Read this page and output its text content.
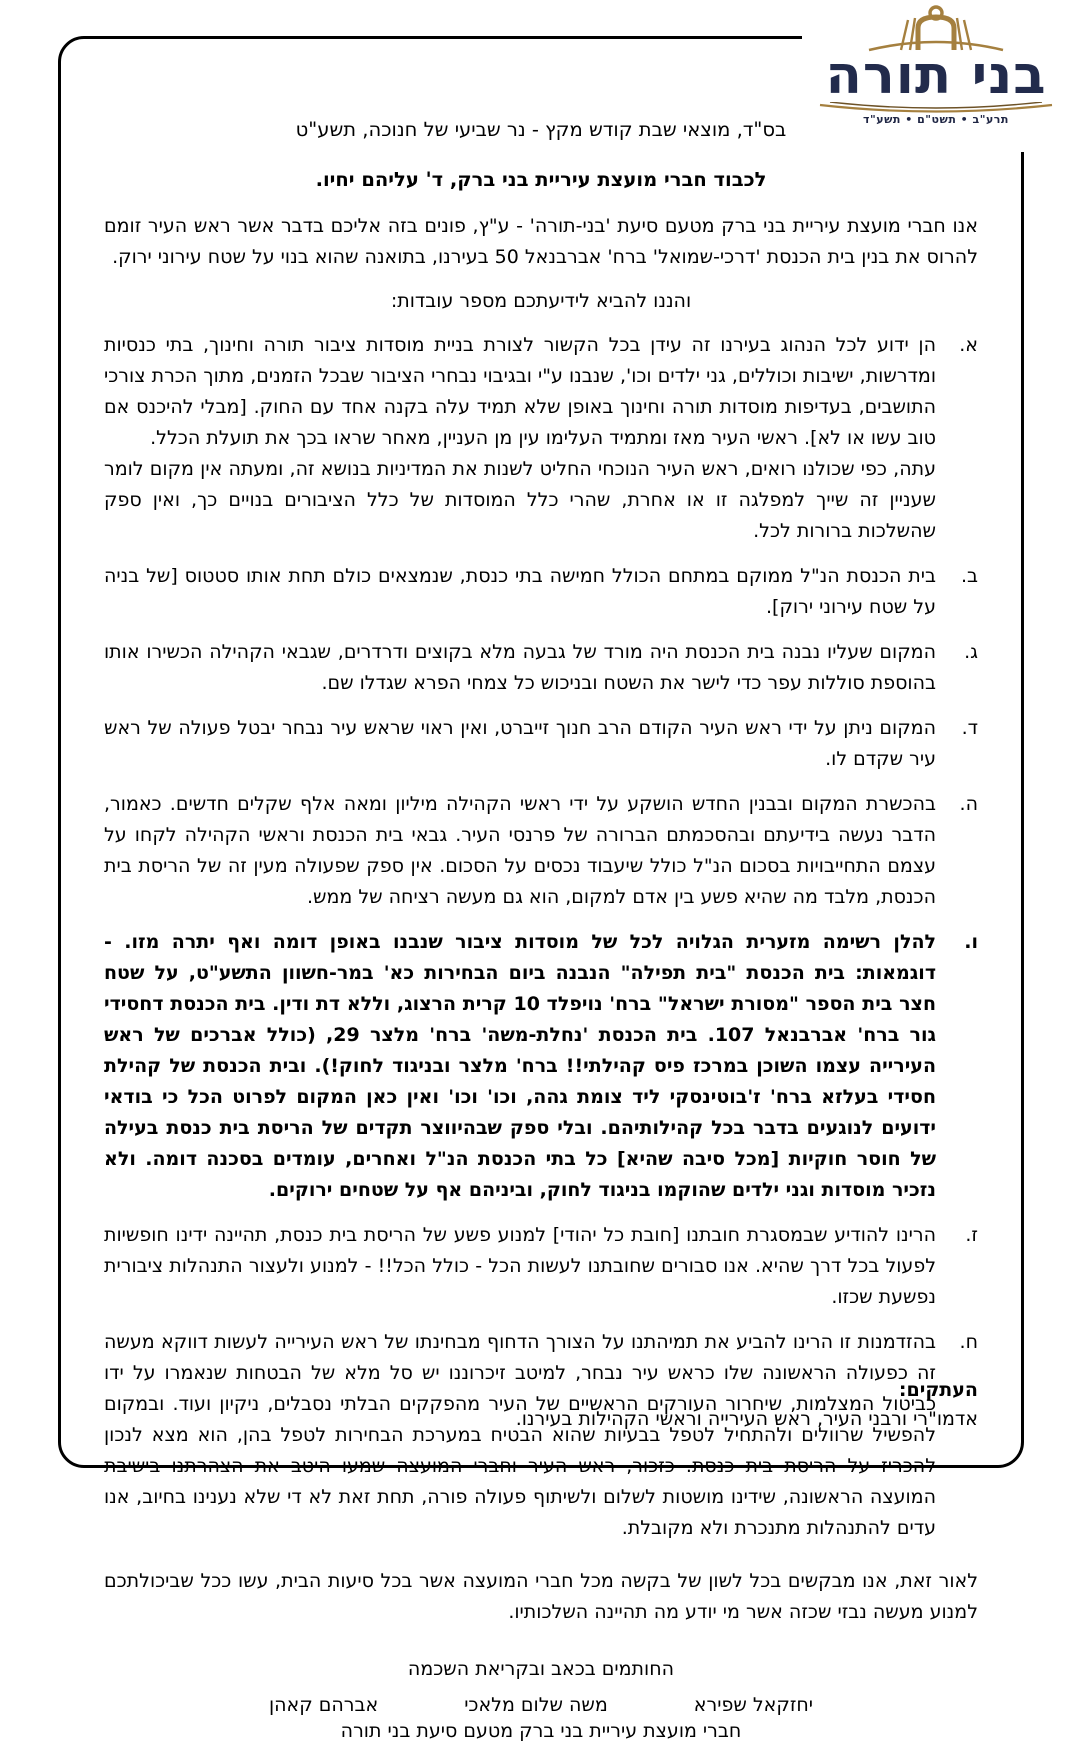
בס"ד, מוצאי שבת קודש מקץ - נר שביעי של חנוכה, תשע"ט
לכבוד חברי מועצת עיריית בני ברק, ד' עליהם יחיו.

אנו חברי מועצת עיריית בני ברק מטעם סיעת 'בני-תורה' - ע"ץ, פונים בזה אליכם בדבר אשר ראש העיר זומם להרוס את בנין בית הכנסת 'דרכי-שמואל' ברח' אברבנאל 50 בעירנו, בתואנה שהוא בנוי על שטח עירוני ירוק.

והננו להביא לידיעתכם מספר עובדות:

א.
הן ידוע לכל הנהוג בעירנו זה עידן בכל הקשור לצורת בניית מוסדות ציבור תורה וחינוך, בתי כנסיות ומדרשות, ישיבות וכוללים, גני ילדים וכו', שנבנו ע"י ובגיבוי נבחרי הציבור שבכל הזמנים, מתוך הכרת צורכי התושבים, בעדיפות מוסדות תורה וחינוך באופן שלא תמיד עלה בקנה אחד עם החוק. [מבלי להיכנס אם טוב עשו או לא]. ראשי העיר מאז ומתמיד העלימו עין מן העניין, מאחר שראו בכך את תועלת הכלל.
עתה, כפי שכולנו רואים, ראש העיר הנוכחי החליט לשנות את המדיניות בנושא זה, ומעתה אין מקום לומר שעניין זה שייך למפלגה זו או אחרת, שהרי כלל המוסדות של כלל הציבורים בנויים כך, ואין ספק שהשלכות ברורות לכל.
ב.
בית הכנסת הנ"ל ממוקם במתחם הכולל חמישה בתי כנסת, שנמצאים כולם תחת אותו סטטוס [של בניה על שטח עירוני ירוק].
ג.
המקום שעליו נבנה בית הכנסת היה מורד של גבעה מלא בקוצים ודרדרים, שגבאי הקהילה הכשירו אותו בהוספת סוללות עפר כדי לישר את השטח ובניכוש כל צמחי הפרא שגדלו שם.
ד.
המקום ניתן על ידי ראש העיר הקודם הרב חנוך זייברט, ואין ראוי שראש עיר נבחר יבטל פעולה של ראש עיר שקדם לו.
ה.
בהכשרת המקום ובבנין החדש הושקע על ידי ראשי הקהילה מיליון ומאה אלף שקלים חדשים. כאמור, הדבר נעשה בידיעתם ובהסכמתם הברורה של פרנסי העיר. גבאי בית הכנסת וראשי הקהילה לקחו על עצמם התחייבויות בסכום הנ"ל כולל שיעבוד נכסים על הסכום. אין ספק שפעולה מעין זה של הריסת בית הכנסת, מלבד מה שהיא פשע בין אדם למקום, הוא גם מעשה רציחה של ממש.
ו.
להלן רשימה מזערית הגלויה לכל של מוסדות ציבור שנבנו באופן דומה ואף יתרה מזו. - דוגמאות: בית הכנסת "בית תפילה" הנבנה ביום הבחירות כא' במר-חשוון התשע"ט, על שטח חצר בית הספר "מסורת ישראל" ברח' נויפלד 10 קרית הרצוג, וללא דת ודין. בית הכנסת דחסידי גור ברח' אברבנאל 107. בית הכנסת 'נחלת-משה' ברח' מלצר 29, (כולל אברכים של ראש העירייה עצמו השוכן במרכז פיס קהילתי!! ברח' מלצר ובניגוד לחוק!). ובית הכנסת של קהילת חסידי בעלזא ברח' ז'בוטינסקי ליד צומת גהה, וכו' וכו' ואין כאן המקום לפרוט הכל כי בודאי ידועים לנוגעים בדבר בכל קהילותיהם. ובלי ספק שבהיווצר תקדים של הריסת בית כנסת בעילה של חוסר חוקיות [מכל סיבה שהיא] כל בתי הכנסת הנ"ל ואחרים, עומדים בסכנה דומה. ולא נזכיר מוסדות וגני ילדים שהוקמו בניגוד לחוק, וביניהם אף על שטחים ירוקים.
ז.
הרינו להודיע שבמסגרת חובתנו [חובת כל יהודי] למנוע פשע של הריסת בית כנסת, תהיינה ידינו חופשיות לפעול בכל דרך שהיא. אנו סבורים שחובתנו לעשות הכל - כולל הכל!! - למנוע ולעצור התנהלות ציבורית נפשעת שכזו.
ח.
בהזדמנות זו הרינו להביע את תמיהתנו על הצורך הדחוף מבחינתו של ראש העירייה לעשות דווקא מעשה זה כפעולה הראשונה שלו כראש עיר נבחר, למיטב זיכרוננו יש סל מלא של הבטחות שנאמרו על ידו כביטול המצלמות, שיחרור העורקים הראשיים של העיר מהפקקים הבלתי נסבלים, ניקיון ועוד. ובמקום להפשיל שרוולים ולהתחיל לטפל בבעיות שהוא הבטיח במערכת הבחירות לטפל בהן, הוא מצא לנכון להכריז על הריסת בית כנסת. כזכור, ראש העיר וחברי המועצה שמעו היטב את הצהרתנו בישיבת המועצה הראשונה, שידינו מושטות לשלום ולשיתוף פעולה פורה, תחת זאת לא די שלא נענינו בחיוב, אנו עדים להתנהלות מתנכרת ולא מקובלת.
לאור זאת, אנו מבקשים בכל לשון של בקשה מכל חברי המועצה אשר בכל סיעות הבית, עשו ככל שביכולתכם למנוע מעשה נבזי שכזה אשר מי יודע מה תהיינה השלכותיו.
החותמים בכאב ובקריאת השכמה
יחזקאל שפירא
משה שלום מלאכי
אברהם קאהן
חברי מועצת עיריית בני ברק מטעם סיעת בני תורה
העתקים:
אדמו"רי ורבני העיר, ראש העירייה וראשי הקהילות בעירנו.
בני תורה
תרע"ב • תשט"ם • תשע"ד
